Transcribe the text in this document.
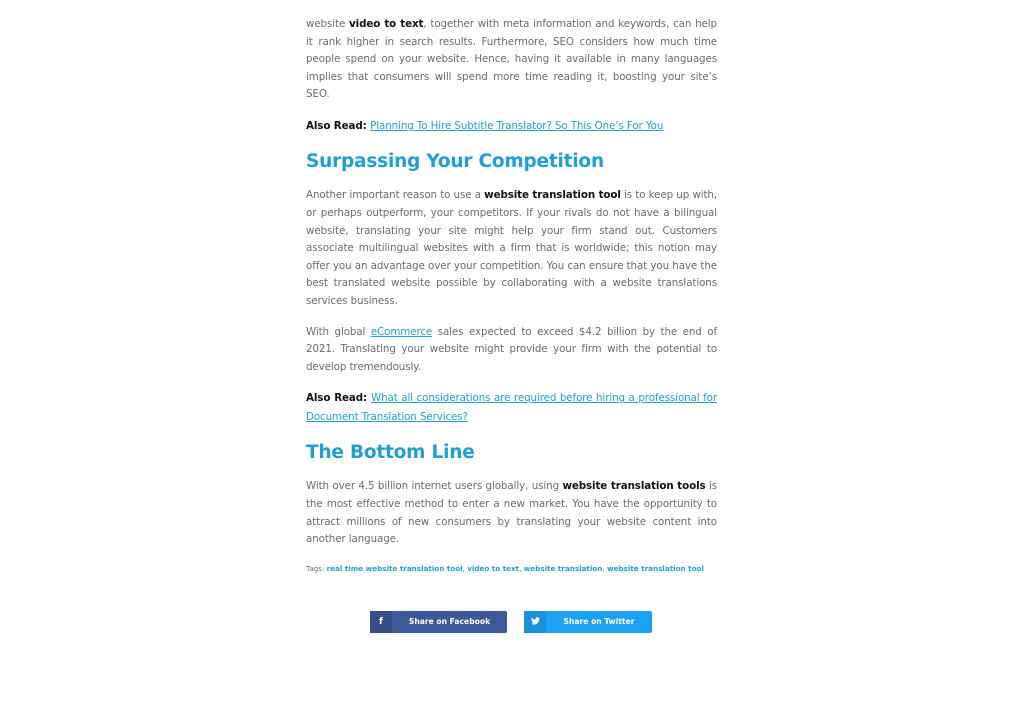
website video to text, together with meta information and keywords, can help it rank higher in search results. Furthermore, SEO considers how much time people spend on your website. Hence, having it available in many languages implies that consumers will spend more time reading it, boosting your site’s SEO.

Also Read: Planning To Hire Subtitle Translator? So This One’s For You

Surpassing Your Competition

Another important reason to use a website translation tool is to keep up with, or perhaps outperform, your competitors. If your rivals do not have a bilingual website, translating your site might help your firm stand out. Customers associate multilingual websites with a firm that is worldwide; this notion may offer you an advantage over your competition. You can ensure that you have the best translated website possible by collaborating with a website translations services business.

With global eCommerce sales expected to exceed $4.2 billion by the end of 2021. Translating your website might provide your firm with the potential to develop tremendously.

Also Read: What all considerations are required before hiring a professional for Document Translation Services?

The Bottom Line

With over 4.5 billion internet users globally, using website translation tools is the most effective method to enter a new market. You have the opportunity to attract millions of new consumers by translating your website content into another language.

Tags: real time website translation tool, video to text, website translation, website translation tool
f	Share on Facebook	Share on Twitter
